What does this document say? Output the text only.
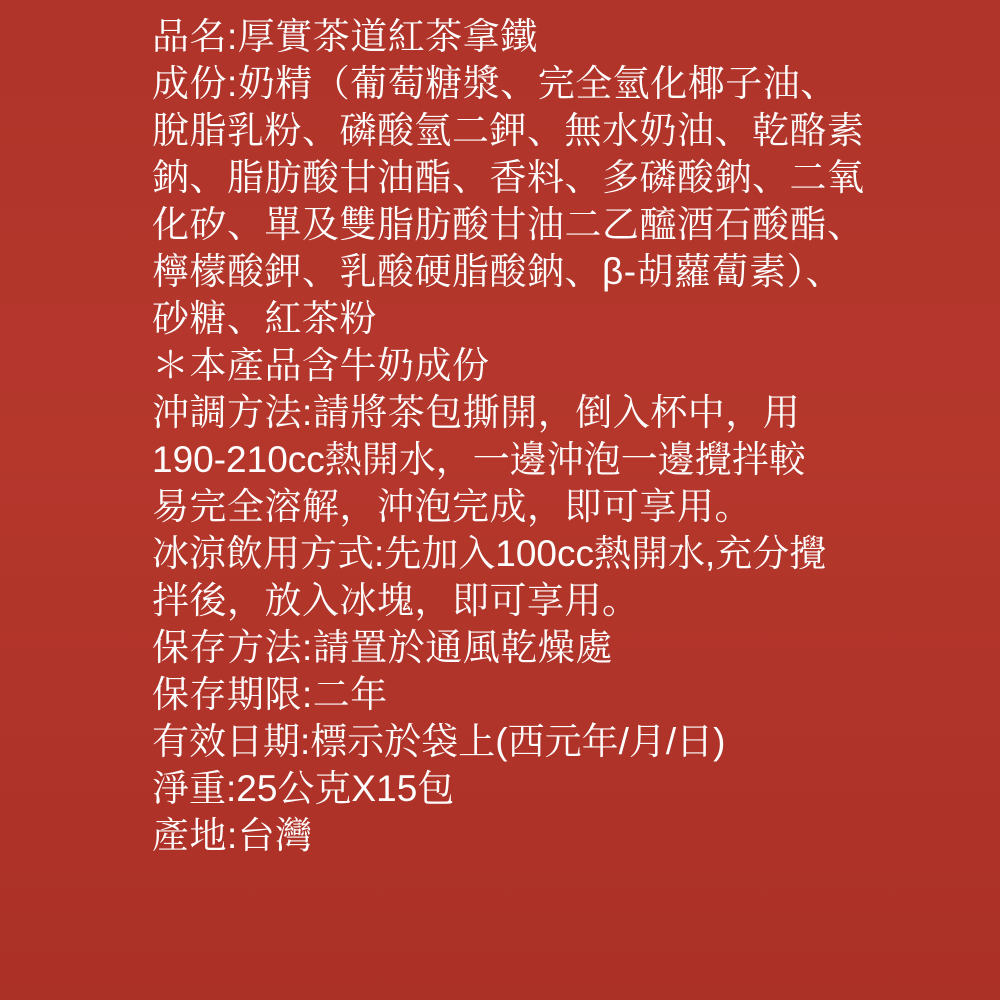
品名:厚實茶道紅茶拿鐵
成份:奶精（葡萄糖漿、完全氫化椰子油、
脫脂乳粉、磷酸氫二鉀、無水奶油、乾酪素
鈉、脂肪酸甘油酯、香料、多磷酸鈉、二氧
化矽、單及雙脂肪酸甘油二乙醯酒石酸酯、
檸檬酸鉀、乳酸硬脂酸鈉、β-胡蘿蔔素）、
砂糖、紅茶粉
＊本產品含牛奶成份
沖調方法:請將茶包撕開，倒入杯中，用
190-210cc熱開水，一邊沖泡一邊攪拌較
易完全溶解，沖泡完成，即可享用。
冰涼飲用方式:先加入100cc熱開水,充分攪
拌後，放入冰塊，即可享用。
保存方法:請置於通風乾燥處
保存期限:二年
有效日期:標示於袋上(西元年/月/日)
淨重:25公克X15包
產地:台灣
